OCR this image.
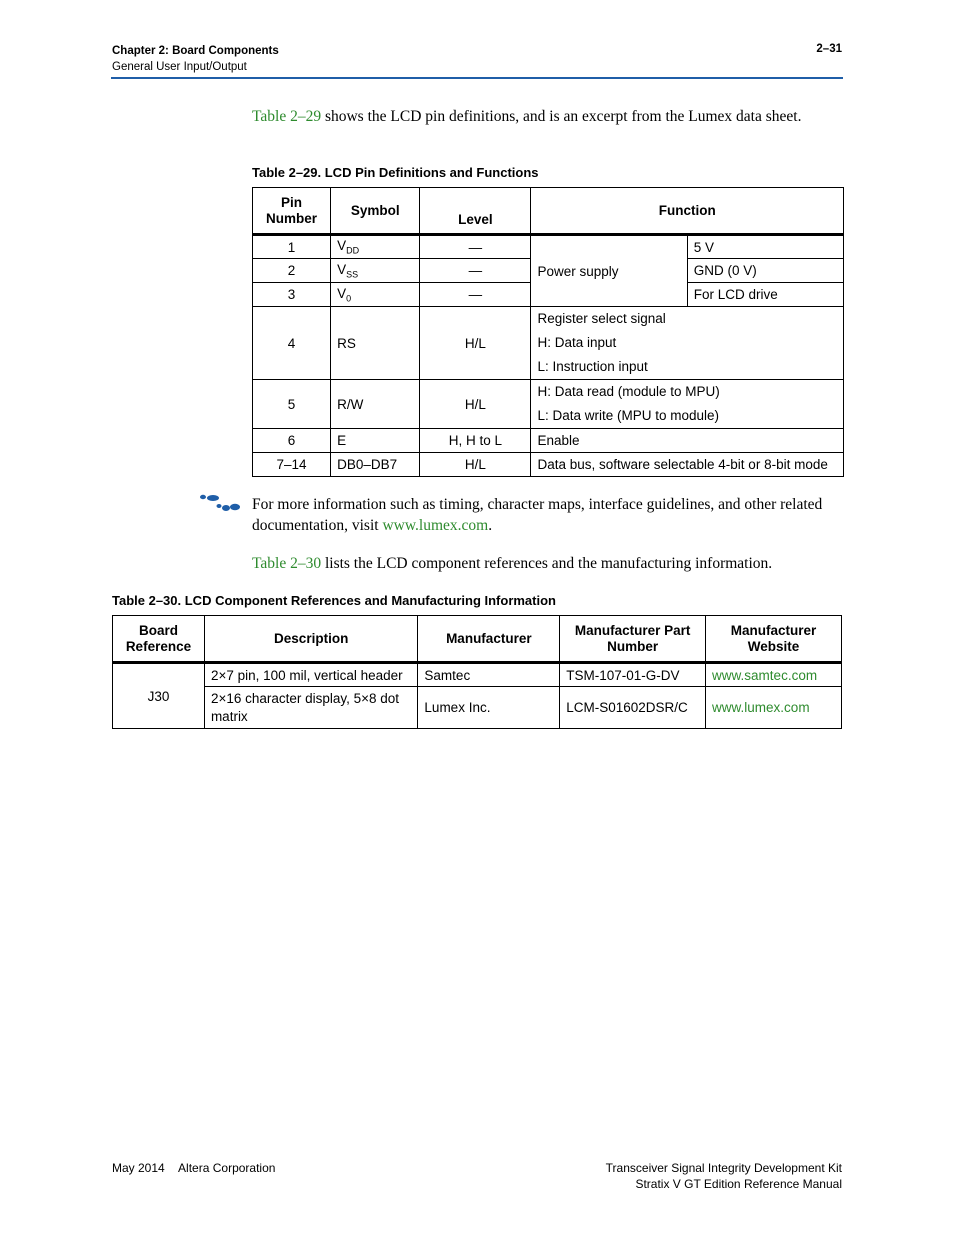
Chapter 2: Board Components
General User Input/Output
2–31
Table 2–29 shows the LCD pin definitions, and is an excerpt from the Lumex data sheet.
Table 2–29. LCD Pin Definitions and Functions
Pin Number	Symbol	Level	Function	
1	$V_{DD}$	—	Power supply	5 V
2	$V_{SS}$	—		GND (0 V)
3	$V_0$	—		For LCD drive
4	RS	H/L	Register select signal
H: Data input
L: Instruction input	

5	R/W	H/L	H: Data read (module to MPU)
L: Data write (MPU to module)	

6	E	H, H to L	Enable	
7–14	DB0–DB7	H/L	Data bus, software selectable 4-bit or 8-bit mode	
For more information such as timing, character maps, interface guidelines, and other related documentation, visit www.lumex.com.
Table 2–30 lists the LCD component references and the manufacturing information.
Table 2–30. LCD Component References and Manufacturing Information
Board Reference	Description	Manufacturer	Manufacturer Part Number	Manufacturer Website
J30	2×7 pin, 100 mil, vertical header	Samtec	TSM-107-01-G-DV	www.samtec.com
	2×16 character display, 5×8 dot matrix	Lumex Inc.	LCM-S01602DSR/C	www.lumex.com
May 2014 Altera Corporation	Transceiver Signal Integrity Development Kit
Stratix V GT Edition Reference Manual
